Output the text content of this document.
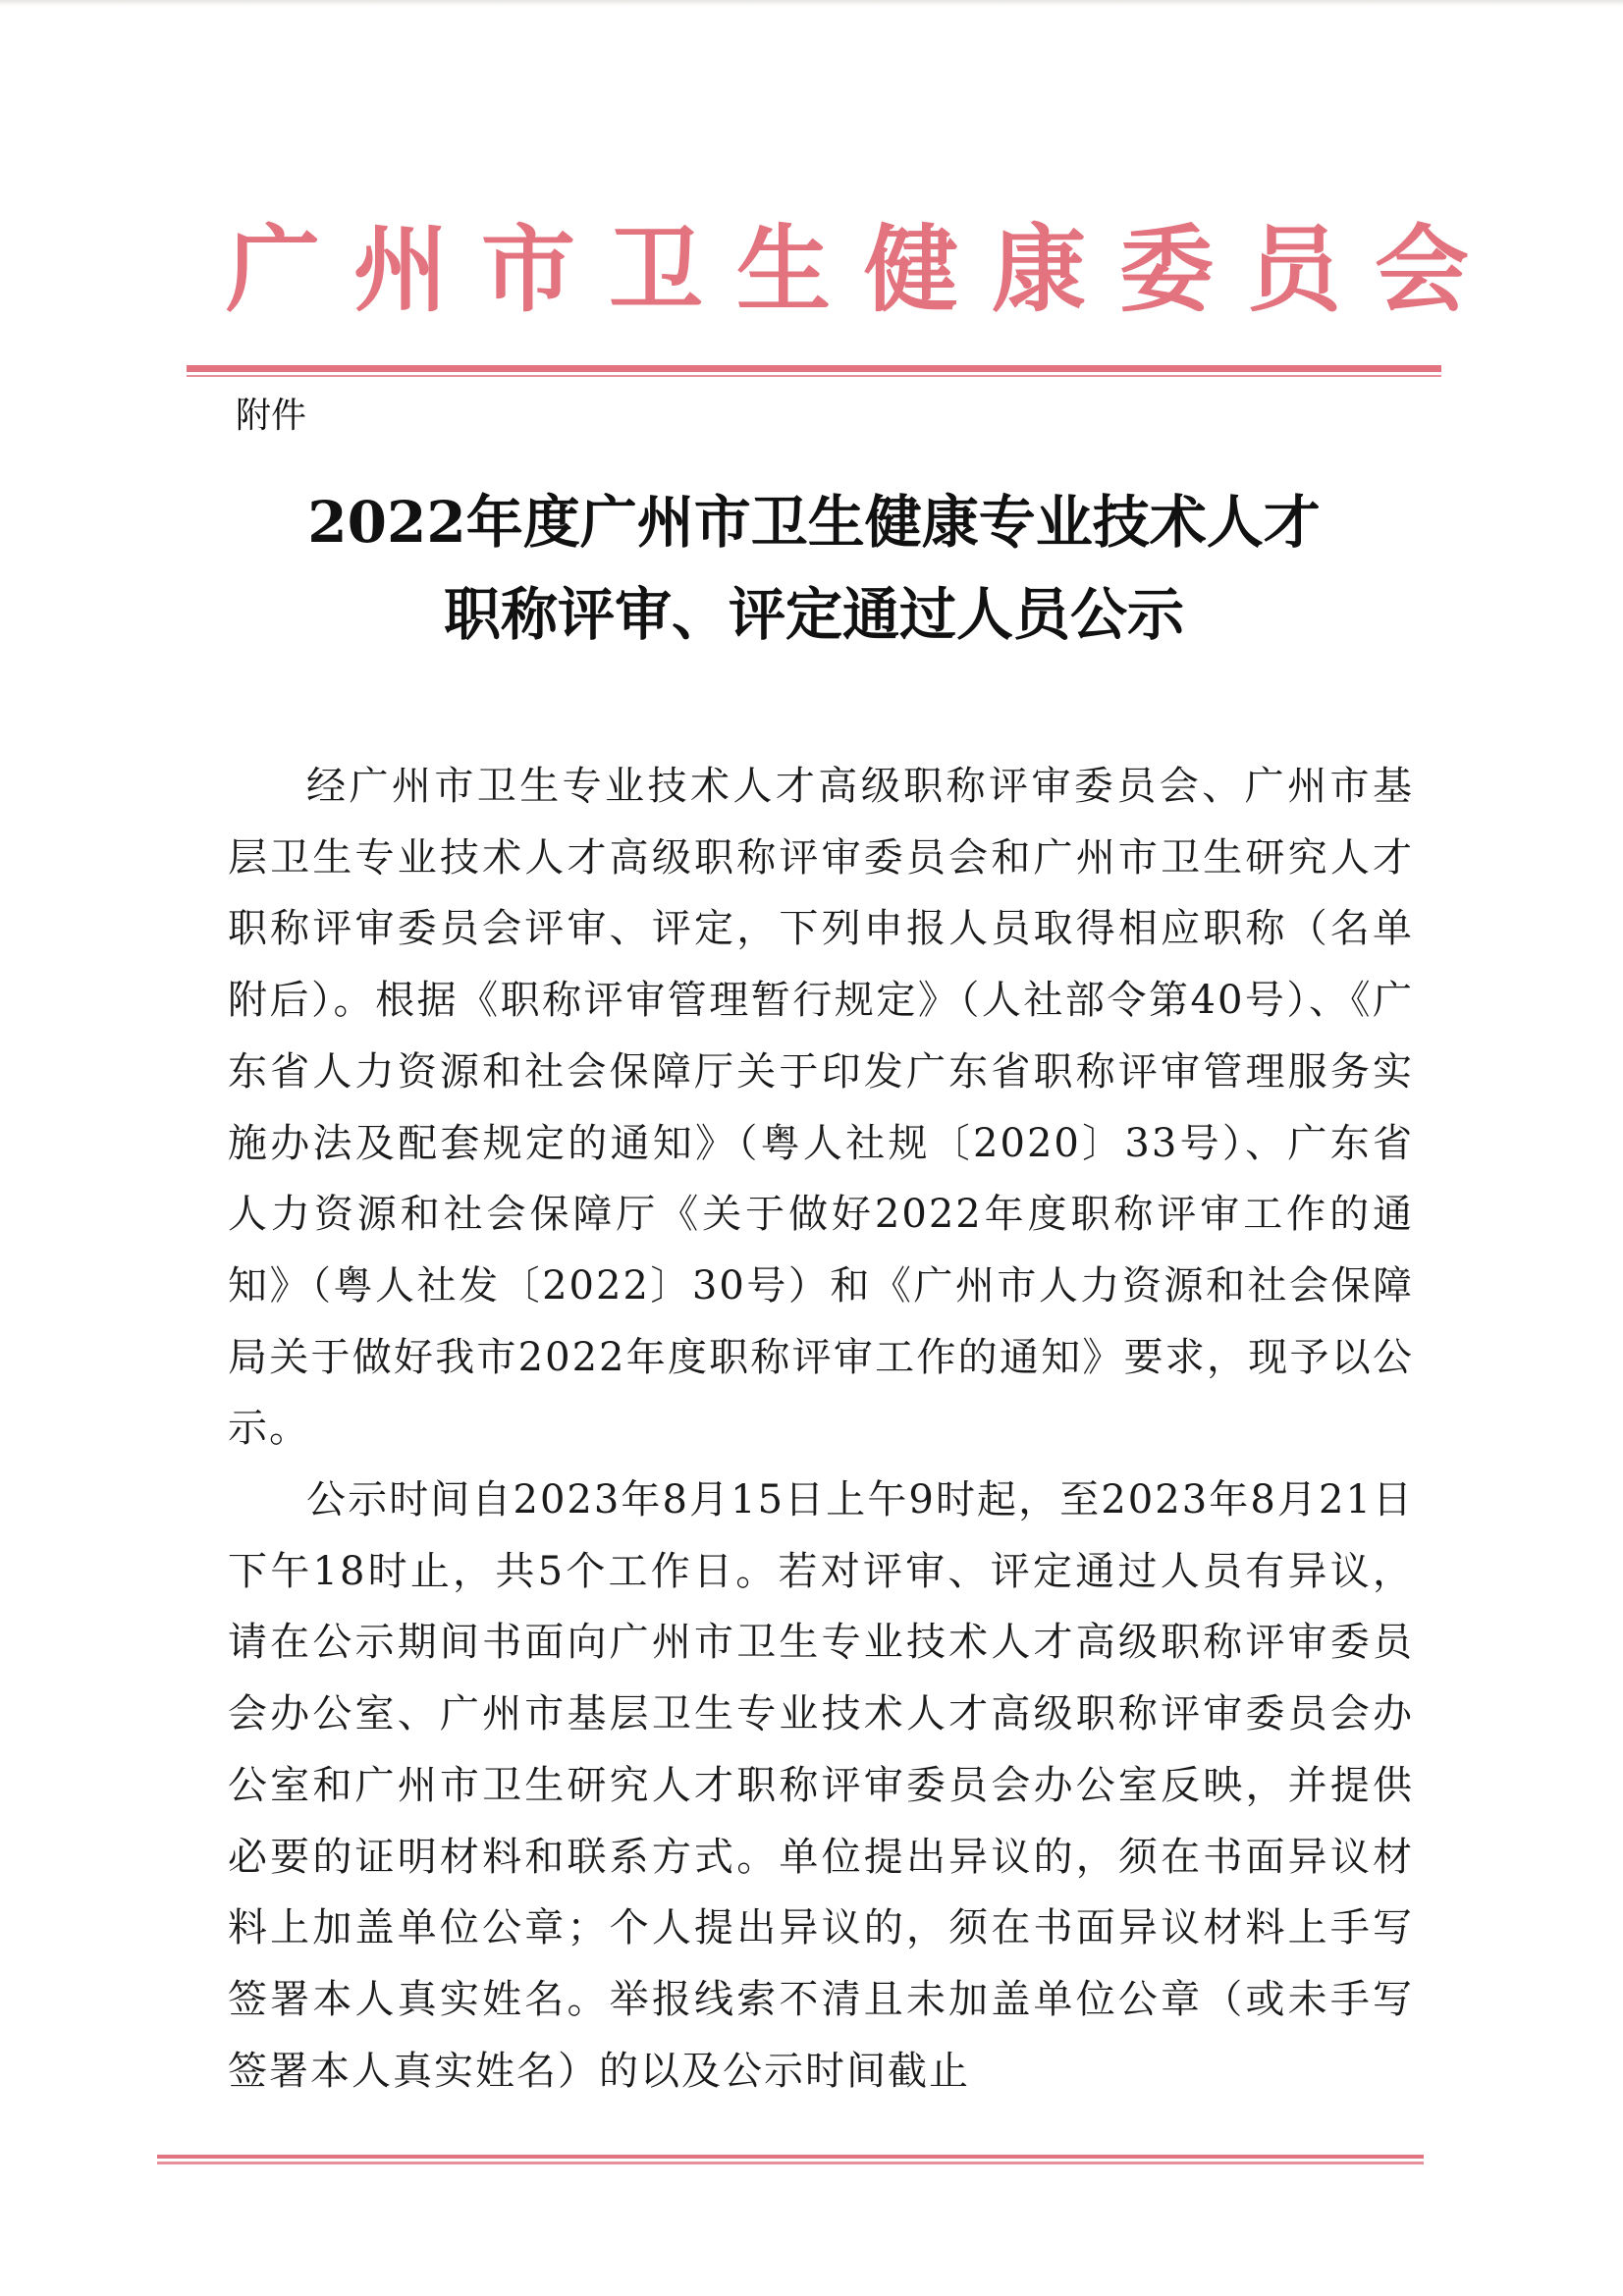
广州市卫生健康委员会
附件
2022年度广州市卫生健康专业技术人才
职称评审、评定通过人员公示

经广州市卫生专业技术人才高级职称评审委员会、广州市基层卫生专业技术人才高级职称评审委员会和广州市卫生研究人才职称评审委员会评审、评定，下列申报人员取得相应职称（名单附后）。根据《职称评审管理暂行规定》（人社部令第40号）、《广东省人力资源和社会保障厅关于印发广东省职称评审管理服务实施办法及配套规定的通知》（粤人社规〔2020〕33号）、广东省人力资源和社会保障厅《关于做好2022年度职称评审工作的通知》（粤人社发〔2022〕30号）和《广州市人力资源和社会保障局关于做好我市2022年度职称评审工作的通知》要求，现予以公示。

公示时间自2023年8月15日上午9时起，至2023年8月21日下午18时止，共5个工作日。若对评审、评定通过人员有异议，请在公示期间书面向广州市卫生专业技术人才高级职称评审委员会办公室、广州市基层卫生专业技术人才高级职称评审委员会办公室和广州市卫生研究人才职称评审委员会办公室反映，并提供必要的证明材料和联系方式。单位提出异议的，须在书面异议材料上加盖单位公章；个人提出异议的，须在书面异议材料上手写签署本人真实姓名。举报线索不清且未加盖单位公章（或未手写签署本人真实姓名）的以及公示时间截止
